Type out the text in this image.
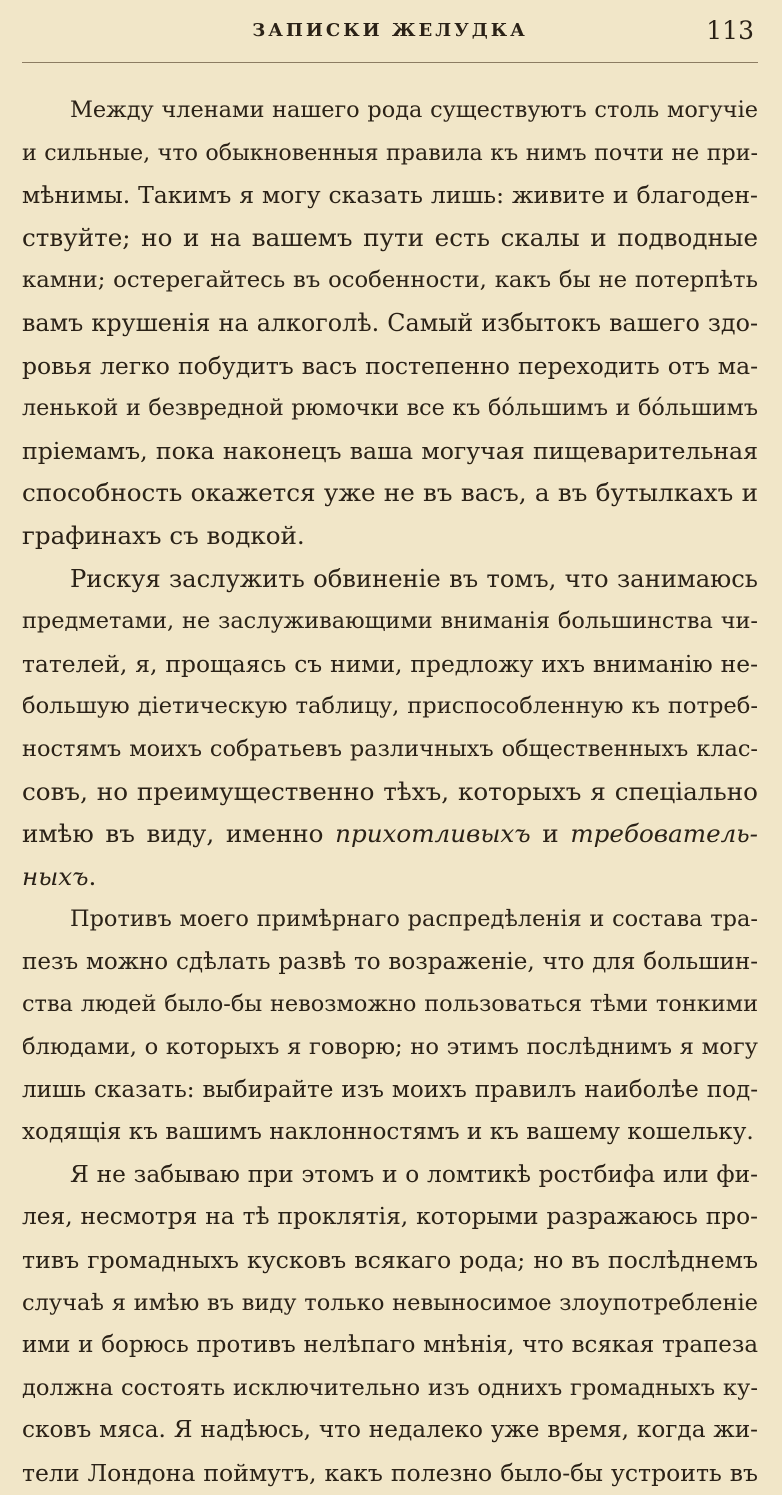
ЗАПИСКИ ЖЕЛУДКА	113

Между членами нашего рода существуютъ столь могучіе
и сильные, что обыкновенныя правила къ нимъ почти не при-
мѣнимы. Такимъ я могу сказать лишь: живите и благоден-
ствуйте; но и на вашемъ пути есть скалы и подводные
камни; остерегайтесь въ особенности, какъ бы не потерпѣть
вамъ крушенія на алкоголѣ. Самый избытокъ вашего здо-
ровья легко побудитъ васъ постепенно переходить отъ ма-
ленькой и безвредной рюмочки все къ бо́льшимъ и бо́льшимъ
пріемамъ, пока наконецъ ваша могучая пищеварительная
способность окажется уже не въ васъ, а въ бутылкахъ и
графинахъ съ водкой.

Рискуя заслужить обвиненіе въ томъ, что занимаюсь
предметами, не заслуживающими вниманія большинства чи-
тателей, я, прощаясь съ ними, предложу ихъ вниманію не-
большую діетическую таблицу, приспособленную къ потреб-
ностямъ моихъ собратьевъ различныхъ общественныхъ клас-
совъ, но преимущественно тѣхъ, которыхъ я спеціально
имѣю въ виду, именно прихотливыхъ и требователь-
ныхъ.

Противъ моего примѣрнаго распредѣленія и состава тра-
пезъ можно сдѣлать развѣ то возраженіе, что для большин-
ства людей было-бы невозможно пользоваться тѣми тонкими
блюдами, о которыхъ я говорю; но этимъ послѣднимъ я могу
лишь сказать: выбирайте изъ моихъ правилъ наиболѣе под-
ходящія къ вашимъ наклонностямъ и къ вашему кошельку.

Я не забываю при этомъ и о ломтикѣ ростбифа или фи-
лея, несмотря на тѣ проклятія, которыми разражаюсь про-
тивъ громадныхъ кусковъ всякаго рода; но въ послѣднемъ
случаѣ я имѣю въ виду только невыносимое злоупотребленіе
ими и борюсь противъ нелѣпаго мнѣнія, что всякая трапеза
должна состоять исключительно изъ однихъ громадныхъ ку-
сковъ мяса. Я надѣюсь, что недалеко уже время, когда жи-
тели Лондона поймутъ, какъ полезно было-бы устроить въ
